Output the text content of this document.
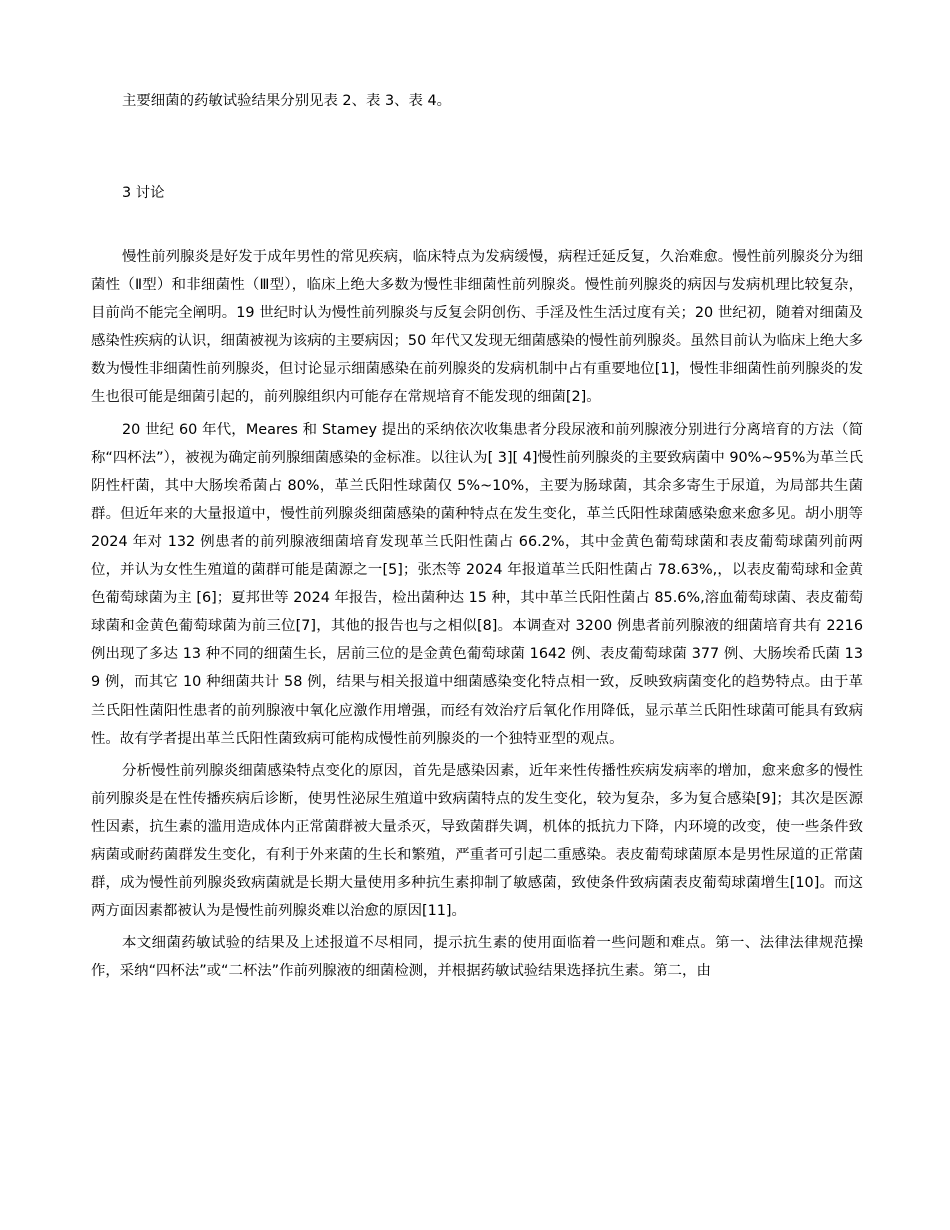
主要细菌的药敏试验结果分别见表 2、表 3、表 4。
3 讨论

慢性前列腺炎是好发于成年男性的常见疾病，临床特点为发病缓慢，病程迁延反复，久治难愈。慢性前列腺炎分为细菌性（Ⅱ型）和非细菌性（Ⅲ型），临床上绝大多数为慢性非细菌性前列腺炎。慢性前列腺炎的病因与发病机理比较复杂，目前尚不能完全阐明。19 世纪时认为慢性前列腺炎与反复会阴创伤、手淫及性生活过度有关；20 世纪初，随着对细菌及感染性疾病的认识，细菌被视为该病的主要病因；50 年代又发现无细菌感染的慢性前列腺炎。虽然目前认为临床上绝大多数为慢性非细菌性前列腺炎，但讨论显示细菌感染在前列腺炎的发病机制中占有重要地位[1]，慢性非细菌性前列腺炎的发生也很可能是细菌引起的，前列腺组织内可能存在常规培育不能发现的细菌[2]。

20 世纪 60 年代，Meares 和 Stamey 提出的采纳依次收集患者分段尿液和前列腺液分别进行分离培育的方法（简称“四杯法”），被视为确定前列腺细菌感染的金标准。以往认为[ 3][ 4]慢性前列腺炎的主要致病菌中 90%~95%为革兰氏阴性杆菌，其中大肠埃希菌占 80%，革兰氏阳性球菌仅 5%~10%，主要为肠球菌，其余多寄生于尿道，为局部共生菌群。但近年来的大量报道中，慢性前列腺炎细菌感染的菌种特点在发生变化，革兰氏阳性球菌感染愈来愈多见。胡小朋等 2024 年对 132 例患者的前列腺液细菌培育发现革兰氏阳性菌占 66.2%，其中金黄色葡萄球菌和表皮葡萄球菌列前两位，并认为女性生殖道的菌群可能是菌源之一[5]；张杰等 2024 年报道革兰氏阳性菌占 78.63%,，以表皮葡萄球和金黄色葡萄球菌为主 [6]；夏邦世等 2024 年报告，检出菌种达 15 种，其中革兰氏阳性菌占 85.6%,溶血葡萄球菌、表皮葡萄球菌和金黄色葡萄球菌为前三位[7]，其他的报告也与之相似[8]。本调查对 3200 例患者前列腺液的细菌培育共有 2216 例出现了多达 13 种不同的细菌生长，居前三位的是金黄色葡萄球菌 1642 例、表皮葡萄球菌 377 例、大肠埃希氏菌 139 例，而其它 10 种细菌共计 58 例，结果与相关报道中细菌感染变化特点相一致，反映致病菌变化的趋势特点。由于革兰氏阳性菌阳性患者的前列腺液中氧化应激作用增强，而经有效治疗后氧化作用降低，显示革兰氏阳性球菌可能具有致病性。故有学者提出革兰氏阳性菌致病可能构成慢性前列腺炎的一个独特亚型的观点。

分析慢性前列腺炎细菌感染特点变化的原因，首先是感染因素，近年来性传播性疾病发病率的增加，愈来愈多的慢性前列腺炎是在性传播疾病后诊断，使男性泌尿生殖道中致病菌特点的发生变化，较为复杂，多为复合感染[9]；其次是医源性因素，抗生素的滥用造成体内正常菌群被大量杀灭，导致菌群失调，机体的抵抗力下降，内环境的改变，使一些条件致病菌或耐药菌群发生变化，有利于外来菌的生长和繁殖，严重者可引起二重感染。表皮葡萄球菌原本是男性尿道的正常菌群，成为慢性前列腺炎致病菌就是长期大量使用多种抗生素抑制了敏感菌，致使条件致病菌表皮葡萄球菌增生[10]。而这两方面因素都被认为是慢性前列腺炎难以治愈的原因[11]。

本文细菌药敏试验的结果及上述报道不尽相同，提示抗生素的使用面临着一些问题和难点。第一、法律法律规范操作，采纳“四杯法”或“二杯法”作前列腺液的细菌检测，并根据药敏试验结果选择抗生素。第二，由
